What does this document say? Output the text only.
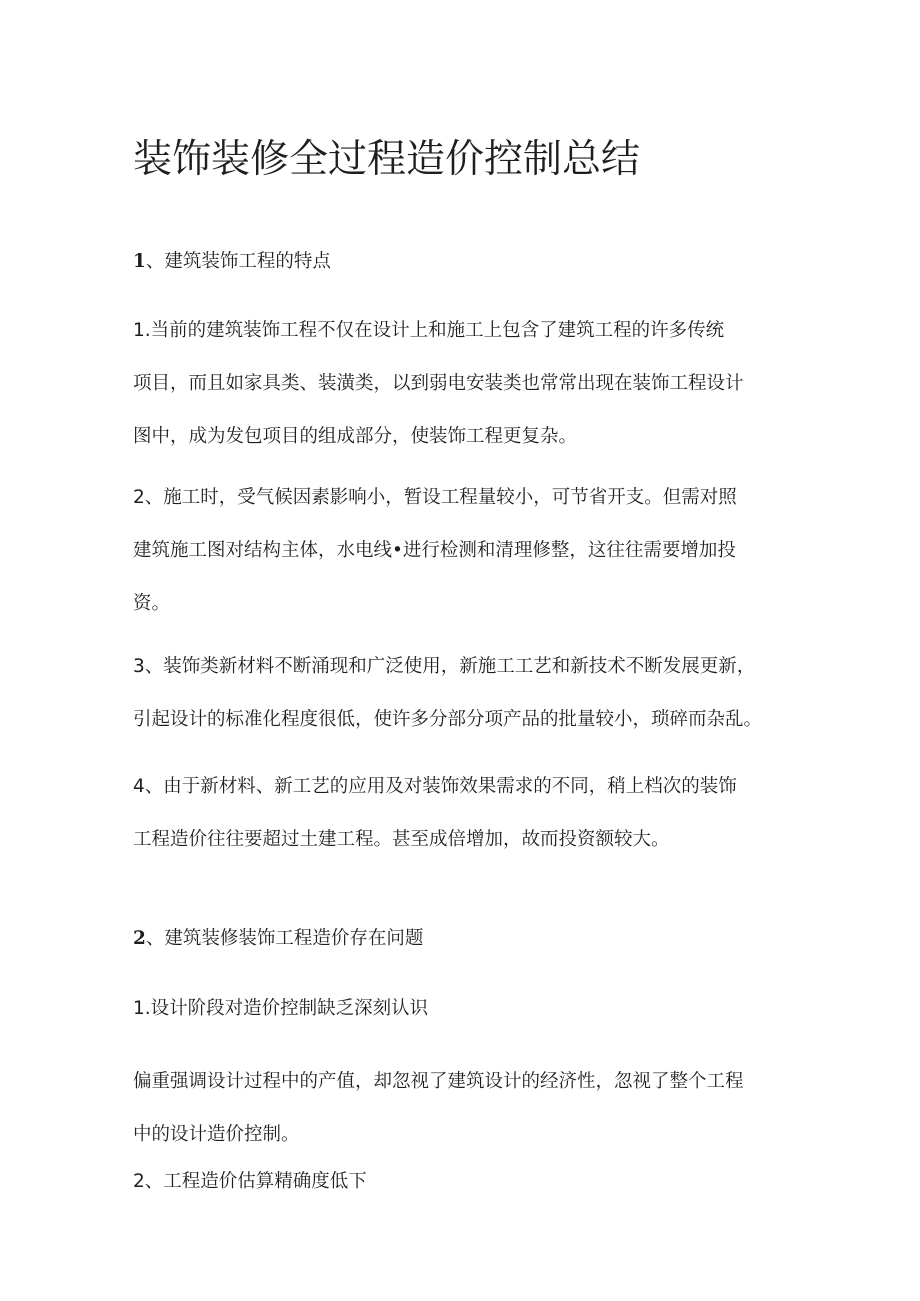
装饰装修全过程造价控制总结
1、建筑装饰工程的特点
1.当前的建筑装饰工程不仅在设计上和施工上包含了建筑工程的许多传统
项目，而且如家具类、装潢类，以到弱电安装类也常常出现在装饰工程设计
图中，成为发包项目的组成部分，使装饰工程更复杂。
2、施工时，受气候因素影响小，暂设工程量较小，可节省开支。但需对照
建筑施工图对结构主体，水电线•进行检测和清理修整，这往往需要增加投
资。
3、装饰类新材料不断涌现和广泛使用，新施工工艺和新技术不断发展更新，
引起设计的标准化程度很低，使许多分部分项产品的批量较小，琐碎而杂乱。
4、由于新材料、新工艺的应用及对装饰效果需求的不同，稍上档次的装饰
工程造价往往要超过土建工程。甚至成倍增加，故而投资额较大。
2、建筑装修装饰工程造价存在问题
1.设计阶段对造价控制缺乏深刻认识
偏重强调设计过程中的产值，却忽视了建筑设计的经济性，忽视了整个工程
中的设计造价控制。
2、工程造价估算精确度低下
